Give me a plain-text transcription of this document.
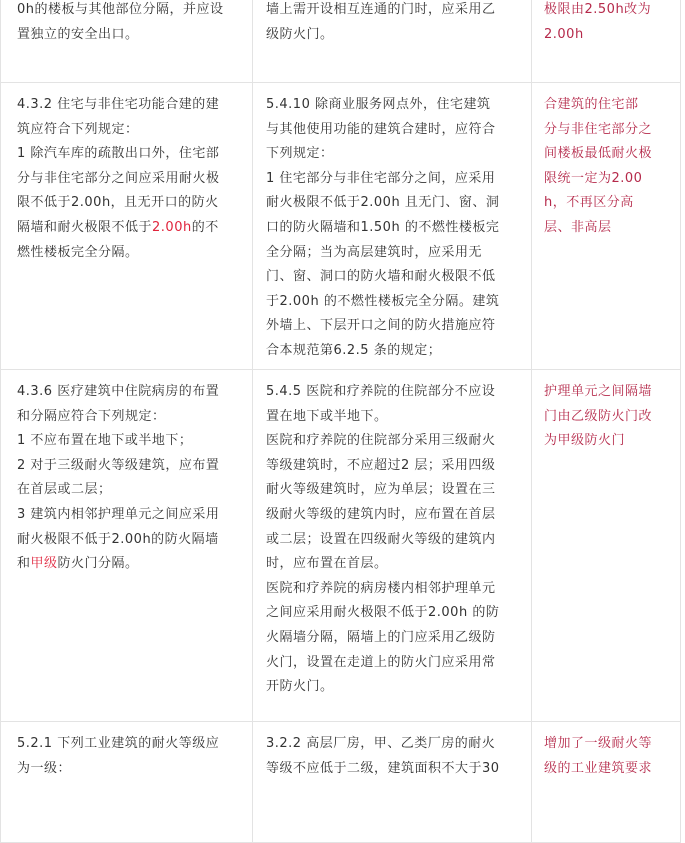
0h的楼板与其他部位分隔，并应设
置独立的安全出口。
墙上需开设相互连通的门时，应采用乙
级防火门。
极限由2.50h改为
2.00h
4.3.2 住宅与非住宅功能合建的建
筑应符合下列规定：
1 除汽车库的疏散出口外，住宅部
分与非住宅部分之间应采用耐火极
限不低于2.00h，且无开口的防火
隔墙和耐火极限不低于2.00h的不
燃性楼板完全分隔。
5.4.10 除商业服务网点外，住宅建筑
与其他使用功能的建筑合建时，应符合
下列规定：
1 住宅部分与非住宅部分之间，应采用
耐火极限不低于2.00h 且无门、窗、洞
口的防火隔墙和1.50h 的不燃性楼板完
全分隔；当为高层建筑时，应采用无
门、窗、洞口的防火墙和耐火极限不低
于2.00h 的不燃性楼板完全分隔。建筑
外墙上、下层开口之间的防火措施应符
合本规范第6.2.5 条的规定；
合建筑的住宅部
分与非住宅部分之
间楼板最低耐火极
限统一定为2.00
h，不再区分高
层、非高层
4.3.6 医疗建筑中住院病房的布置
和分隔应符合下列规定：
1 不应布置在地下或半地下；
2 对于三级耐火等级建筑，应布置
在首层或二层；
3 建筑内相邻护理单元之间应采用
耐火极限不低于2.00h的防火隔墙
和甲级防火门分隔。
5.4.5 医院和疗养院的住院部分不应设
置在地下或半地下。
医院和疗养院的住院部分采用三级耐火
等级建筑时，不应超过2 层；采用四级
耐火等级建筑时，应为单层；设置在三
级耐火等级的建筑内时，应布置在首层
或二层；设置在四级耐火等级的建筑内
时，应布置在首层。
医院和疗养院的病房楼内相邻护理单元
之间应采用耐火极限不低于2.00h 的防
火隔墙分隔，隔墙上的门应采用乙级防
火门，设置在走道上的防火门应采用常
开防火门。
护理单元之间隔墙
门由乙级防火门改
为甲级防火门
5.2.1 下列工业建筑的耐火等级应
为一级：
3.2.2 高层厂房，甲、乙类厂房的耐火
等级不应低于二级，建筑面积不大于30
增加了一级耐火等
级的工业建筑要求
